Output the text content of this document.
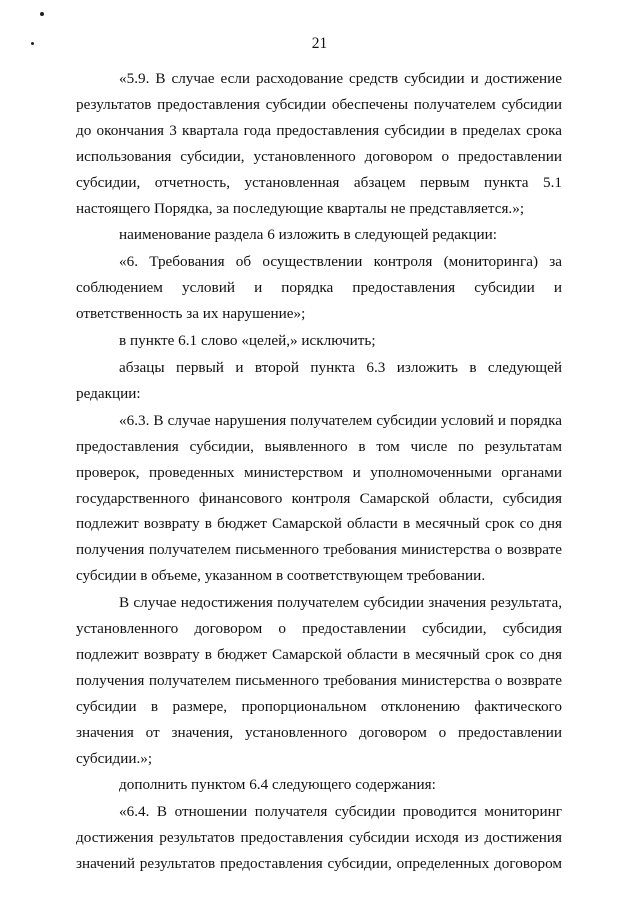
21

«5.9. В случае если расходование средств субсидии и достижение результатов предоставления субсидии обеспечены получателем субсидии до окончания 3 квартала года предоставления субсидии в пределах срока использования субсидии, установленного договором о предоставлении субсидии, отчетность, установленная абзацем первым пункта 5.1 настоящего Порядка, за последующие кварталы не представляется.»;

наименование раздела 6 изложить в следующей редакции:

«6. Требования об осуществлении контроля (мониторинга) за соблюдением условий и порядка предоставления субсидии и ответственность за их нарушение»;

в пункте 6.1 слово «целей,» исключить;

абзацы первый и второй пункта 6.3 изложить в следующей редакции:

«6.3. В случае нарушения получателем субсидии условий и порядка предоставления субсидии, выявленного в том числе по результатам проверок, проведенных министерством и уполномоченными органами государственного финансового контроля Самарской области, субсидия подлежит возврату в бюджет Самарской области в месячный срок со дня получения получателем письменного требования министерства о возврате субсидии в объеме, указанном в соответствующем требовании.

В случае недостижения получателем субсидии значения результата, установленного договором о предоставлении субсидии, субсидия подлежит возврату в бюджет Самарской области в месячный срок со дня получения получателем письменного требования министерства о возврате субсидии в размере, пропорциональном отклонению фактического значения от значения, установленного договором о предоставлении субсидии.»;

дополнить пунктом 6.4 следующего содержания:

«6.4. В отношении получателя субсидии проводится мониторинг достижения результатов предоставления субсидии исходя из достижения значений результатов предоставления субсидии, определенных договором
